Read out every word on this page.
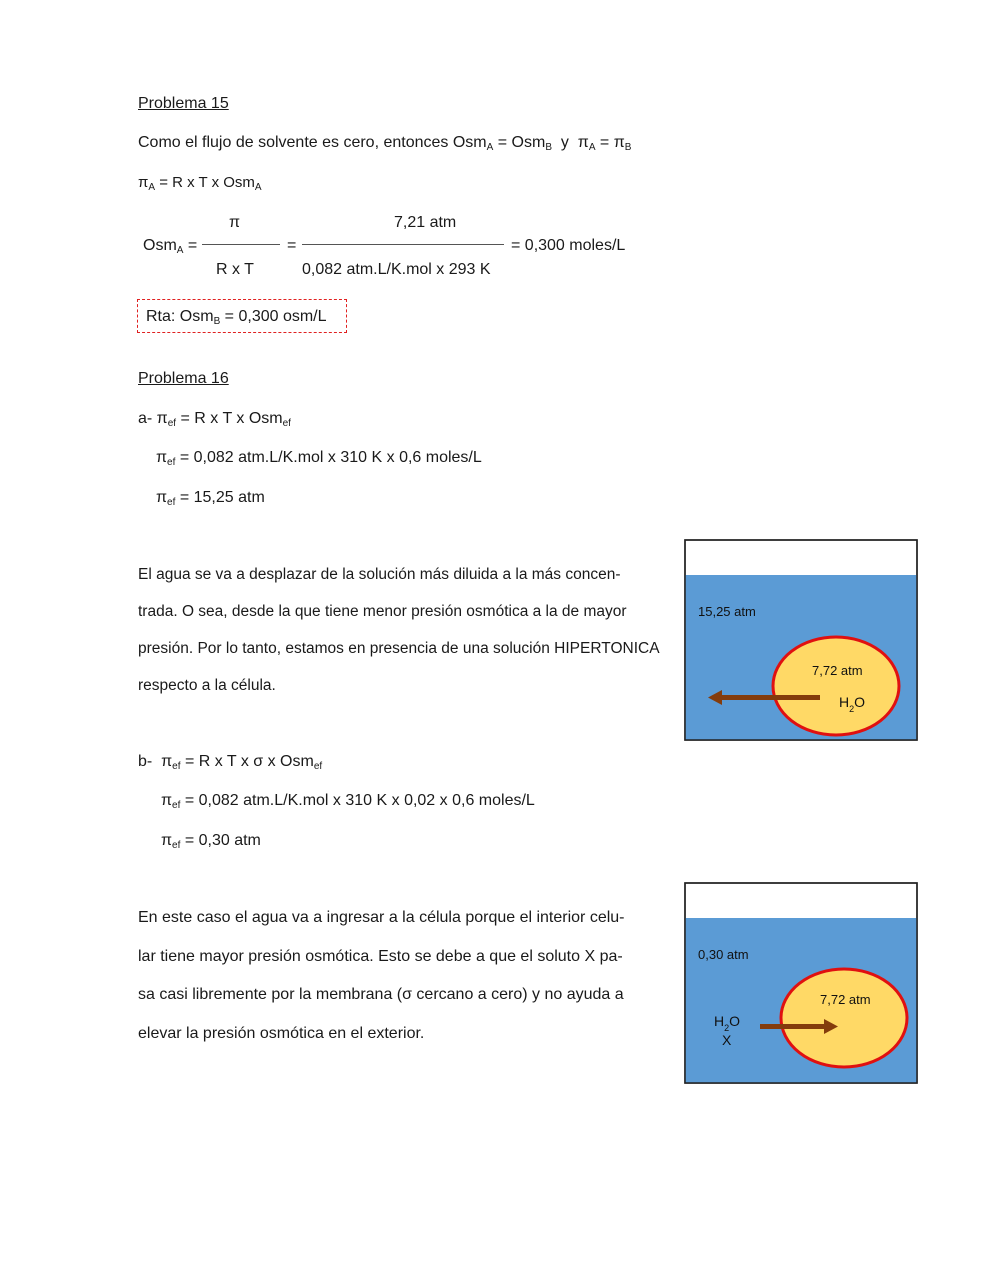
Problema 15
Como el flujo de solvente es cero, entonces Osm$_A$ = Osm$_B$  y  $\pi_A = \pi_B$
$\pi_A = R$ x T x Osm$_A$
Osm$_A$ =
π
R x T
=
7,21 atm
0,082 atm.L/K.mol x 293 K
= 0,300 moles/L
Rta: Osm$_B$ = 0,300 osm/L
Problema 16
a- $\pi_{ef} = R$ x T x Osm$_{ef}$
$\pi_{ef} = 0,082$ atm.L/K.mol x 310 K x 0,6 moles/L
$\pi_{ef} = 15,25$ atm
El agua se va a desplazar de la solución más diluida a la más concen-
trada. O sea, desde la que tiene menor presión osmótica a la de mayor
presión. Por lo tanto, estamos en presencia de una solución HIPERTONICA
respecto a la célula.
15,25 atm
7,72 atm
$H_2O$
b-  $\pi_{ef} = R$ x T x σ x Osm$_{ef}$
$\pi_{ef} = 0,082$ atm.L/K.mol x 310 K x 0,02 x 0,6 moles/L
$\pi_{ef} = 0,30$ atm
En este caso el agua va a ingresar a la célula porque el interior celu-
lar tiene mayor presión osmótica. Esto se debe a que el soluto X pa-
sa casi libremente por la membrana (σ cercano a cero) y no ayuda a
elevar la presión osmótica en el exterior.
0,30 atm
7,72 atm
$H_2O$
X
